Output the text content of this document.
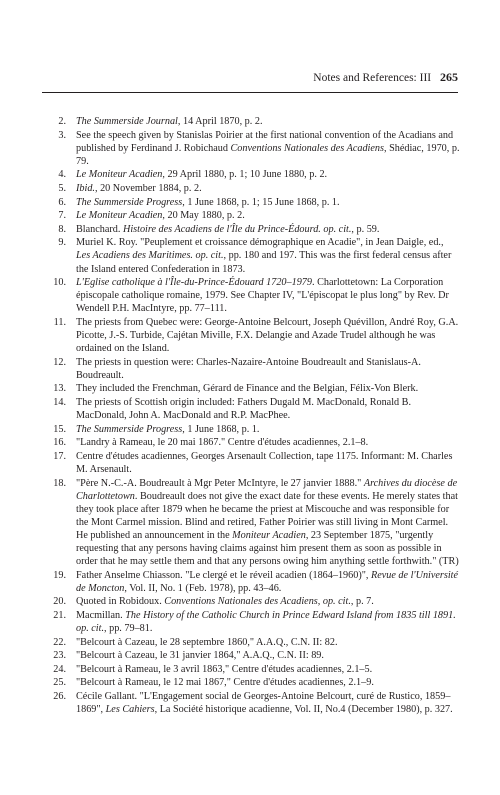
Notes and References: III 265
2. The Summerside Journal, 14 April 1870, p. 2.
3. See the speech given by Stanislas Poirier at the first national convention of the Acadians and published by Ferdinand J. Robichaud Conventions Nationales des Acadiens, Shédiac, 1970, p. 79.
4. Le Moniteur Acadien, 29 April 1880, p. 1; 10 June 1880, p. 2.
5. Ibid., 20 November 1884, p. 2.
6. The Summerside Progress, 1 June 1868, p. 1; 15 June 1868, p. 1.
7. Le Moniteur Acadien, 20 May 1880, p. 2.
8. Blanchard. Histoire des Acadiens de l'Île du Prince-Édourd. op. cit., p. 59.
9. Muriel K. Roy. "Peuplement et croissance démographique en Acadie", in Jean Daigle, ed., Les Acadiens des Maritimes. op. cit., pp. 180 and 197. This was the first federal census after the Island entered Confederation in 1873.
10. L'Eglise catholique à l'Île-du-Prince-Édouard 1720–1979. Charlottetown: La Corporation épiscopale catholique romaine, 1979. See Chapter IV, "L'épiscopat le plus long" by Rev. Dr Wendell P.H. MacIntyre, pp. 77–111.
11. The priests from Quebec were: George-Antoine Belcourt, Joseph Quévillon, André Roy, G.A. Picotte, J.-S. Turbide, Cajétan Miville, F.X. Delangie and Azade Trudel although he was ordained on the Island.
12. The priests in question were: Charles-Nazaire-Antoine Boudreault and Stanislaus-A. Boudreault.
13. They included the Frenchman, Gérard de Finance and the Belgian, Félix-Von Blerk.
14. The priests of Scottish origin included: Fathers Dugald M. MacDonald, Ronald B. MacDonald, John A. MacDonald and R.P. MacPhee.
15. The Summerside Progress, 1 June 1868, p. 1.
16. "Landry à Rameau, le 20 mai 1867." Centre d'études acadiennes, 2.1–8.
17. Centre d'études acadiennes, Georges Arsenault Collection, tape 1175. Informant: M. Charles M. Arsenault.
18. "Père N.-C.-A. Boudreault à Mgr Peter McIntyre, le 27 janvier 1888." Archives du diocèse de Charlottetown. Boudreault does not give the exact date for these events. He merely states that they took place after 1879 when he became the priest at Miscouche and was responsible for the Mont Carmel mission. Blind and retired, Father Poirier was still living in Mont Carmel. He published an announcement in the Moniteur Acadien, 23 September 1875, "urgently requesting that any persons having claims against him present them as soon as possible in order that he may settle them and that any persons owing him anything settle forthwith." (TR)
19. Father Anselme Chiasson. "Le clergé et le réveil acadien (1864–1960)", Revue de l'Université de Moncton, Vol. II, No. 1 (Feb. 1978), pp. 43–46.
20. Quoted in Robidoux. Conventions Nationales des Acadiens, op. cit., p. 7.
21. Macmillan. The History of the Catholic Church in Prince Edward Island from 1835 till 1891. op. cit., pp. 79–81.
22. "Belcourt à Cazeau, le 28 septembre 1860," A.A.Q., C.N. II: 82.
23. "Belcourt à Cazeau, le 31 janvier 1864," A.A.Q., C.N. II: 89.
24. "Belcourt à Rameau, le 3 avril 1863," Centre d'études acadiennes, 2.1–5.
25. "Belcourt à Rameau, le 12 mai 1867," Centre d'études acadiennes, 2.1–9.
26. Cécile Gallant. "L'Engagement social de Georges-Antoine Belcourt, curé de Rustico, 1859–1869", Les Cahiers, La Société historique acadienne, Vol. II, No.4 (December 1980), p. 327.
